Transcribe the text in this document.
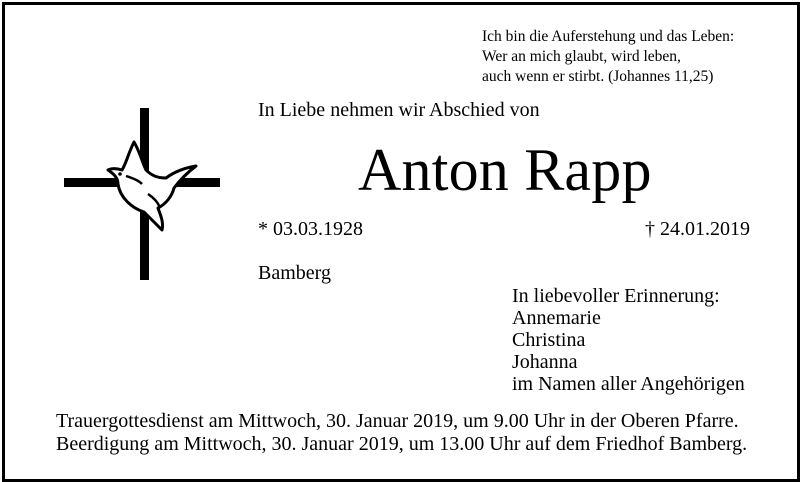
Ich bin die Auferstehung und das Leben:
Wer an mich glaubt, wird leben,
auch wenn er stirbt. (Johannes 11,25)
In Liebe nehmen wir Abschied von
Anton Rapp
* 03.03.1928	† 24.01.2019
Bamberg
In liebevoller Erinnerung:
Annemarie
Christina
Johanna
im Namen aller Angehörigen
Trauergottesdienst am Mittwoch, 30. Januar 2019, um 9.00 Uhr in der Oberen Pfarre.
Beerdigung am Mittwoch, 30. Januar 2019, um 13.00 Uhr auf dem Friedhof Bamberg.
